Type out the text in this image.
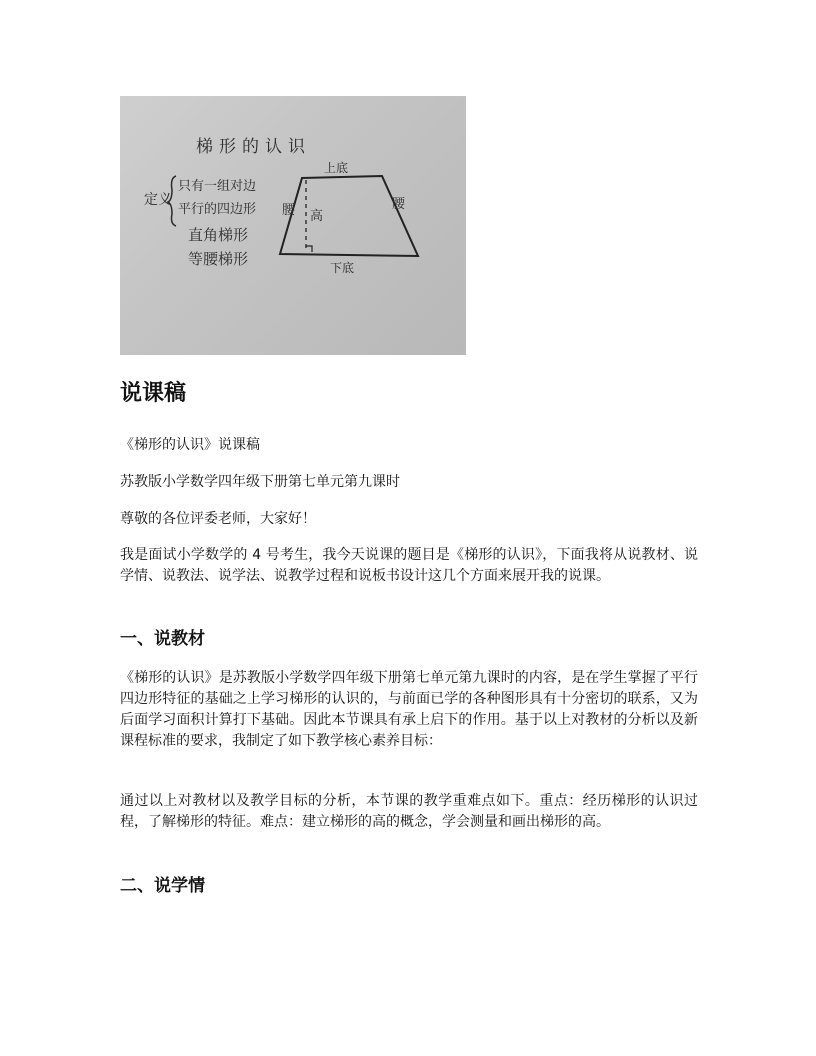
梯形的认识
定义
只有一组对边
平行的四边形
直角梯形
等腰梯形
上底
下底
腰	腰
高
说课稿

《梯形的认识》说课稿

苏教版小学数学四年级下册第七单元第九课时

尊敬的各位评委老师，大家好！

我是面试小学数学的 4 号考生，我今天说课的题目是《梯形的认识》，下面我将从说教材、说学情、说教法、说学法、说教学过程和说板书设计这几个方面来展开我的说课。

一、说教材

《梯形的认识》是苏教版小学数学四年级下册第七单元第九课时的内容，是在学生掌握了平行四边形特征的基础之上学习梯形的认识的，与前面已学的各种图形具有十分密切的联系，又为后面学习面积计算打下基础。因此本节课具有承上启下的作用。基于以上对教材的分析以及新课程标准的要求，我制定了如下教学核心素养目标：

通过以上对教材以及教学目标的分析，本节课的教学重难点如下。重点：经历梯形的认识过程，了解梯形的特征。难点：建立梯形的高的概念，学会测量和画出梯形的高。

二、说学情
